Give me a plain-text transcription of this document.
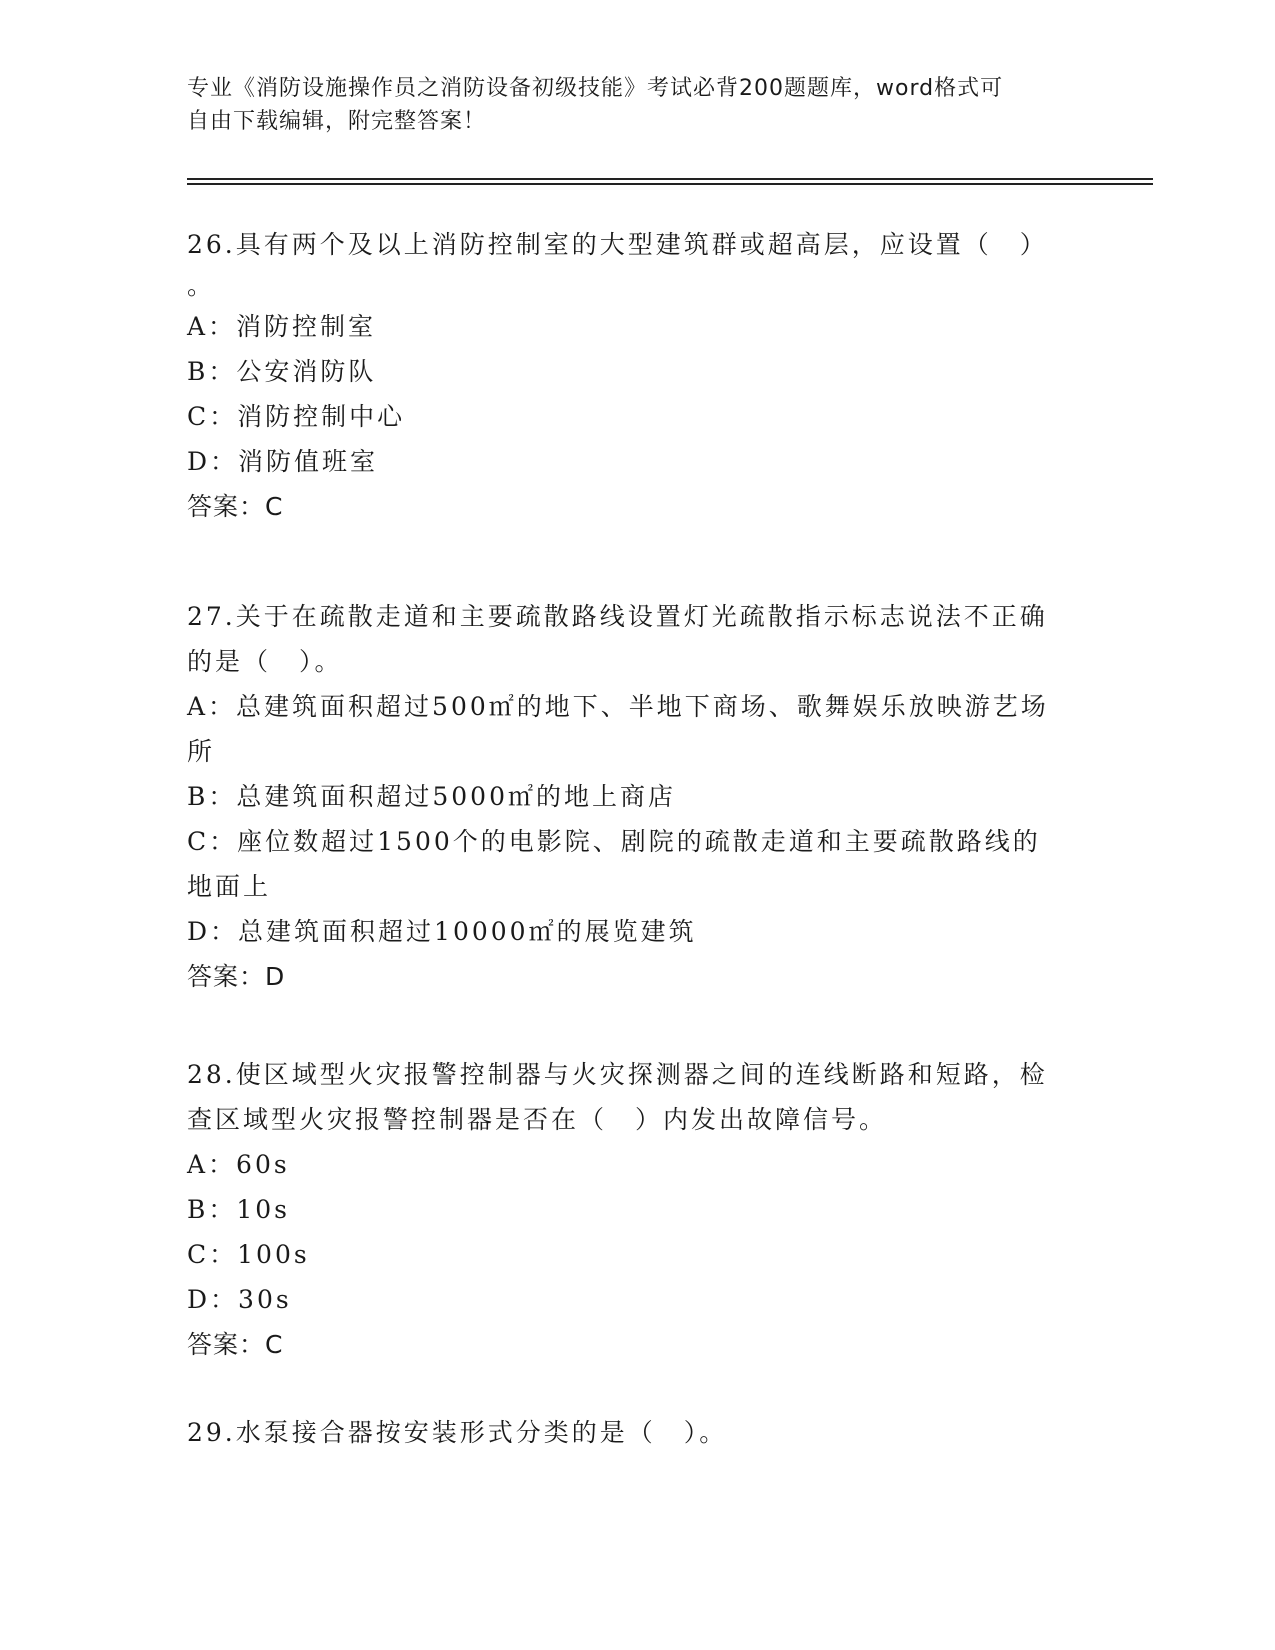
专业《消防设施操作员之消防设备初级技能》考试必背200题题库，word格式可
自由下载编辑，附完整答案！
26.具有两个及以上消防控制室的大型建筑群或超高层，应设置（　）
。
A：消防控制室
B：公安消防队
C：消防控制中心
D：消防值班室
答案：C
27.关于在疏散走道和主要疏散路线设置灯光疏散指示标志说法不正确
的是（　）。
A：总建筑面积超过500㎡的地下、半地下商场、歌舞娱乐放映游艺场
所
B：总建筑面积超过5000㎡的地上商店
C：座位数超过1500个的电影院、剧院的疏散走道和主要疏散路线的
地面上
D：总建筑面积超过10000㎡的展览建筑
答案：D
28.使区域型火灾报警控制器与火灾探测器之间的连线断路和短路，检
查区域型火灾报警控制器是否在（　）内发出故障信号。
A：60s
B：10s
C：100s
D：30s
答案：C
29.水泵接合器按安装形式分类的是（　）。
